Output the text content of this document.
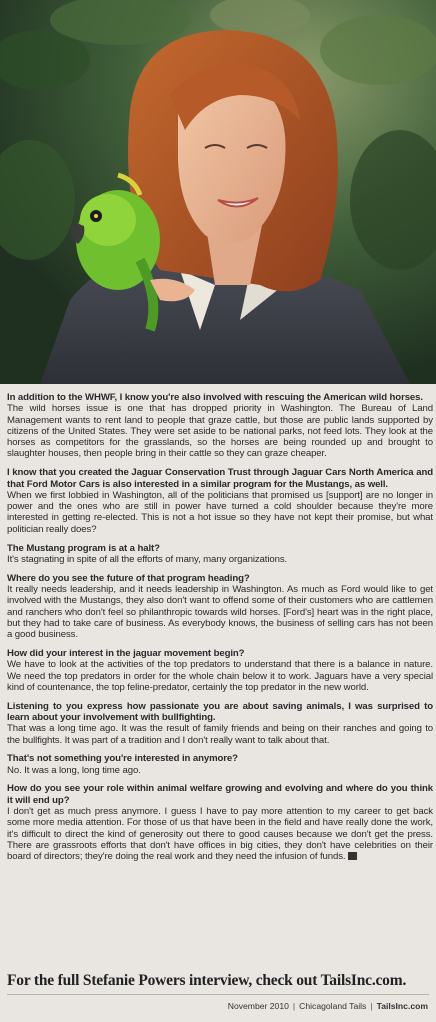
In addition to the WHWF, I know you're also involved with rescuing the American wild horses.

The wild horses issue is one that has dropped priority in Washington. The Bureau of Land Management wants to rent land to people that graze cattle, but those are public lands supported by citizens of the United States. They were set aside to be national parks, not feed lots. They look at the horses as competitors for the grasslands, so the horses are being rounded up and brought to slaughter houses, then people bring in their cattle so they can graze cheaper.

I know that you created the Jaguar Conservation Trust through Jaguar Cars North America and that Ford Motor Cars is also interested in a similar program for the Mustangs, as well.

When we first lobbied in Washington, all of the politicians that promised us [support] are no longer in power and the ones who are still in power have turned a cold shoulder because they're more interested in getting re-elected. This is not a hot issue so they have not kept their promise, but what politician really does?

The Mustang program is at a halt?

It's stagnating in spite of all the efforts of many, many organizations.

Where do you see the future of that program heading?

It really needs leadership, and it needs leadership in Washington. As much as Ford would like to get involved with the Mustangs, they also don't want to offend some of their customers who are cattlemen and ranchers who don't feel so philanthropic towards wild horses. [Ford's] heart was in the right place, but they had to take care of business. As everybody knows, the business of selling cars has not been a good business.

How did your interest in the jaguar movement begin?

We have to look at the activities of the top predators to understand that there is a balance in nature. We need the top predators in order for the whole chain below it to work. Jaguars have a very special kind of countenance, the top feline-predator, certainly the top predator in the new world.

Listening to you express how passionate you are about saving animals, I was surprised to learn about your involvement with bullfighting.

That was a long time ago. It was the result of family friends and being on their ranches and going to the bullfights. It was part of a tradition and I don't really want to talk about that.

That's not something you're interested in anymore?

No. It was a long, long time ago.

How do you see your role within animal welfare growing and evolving and where do you think it will end up?

I don't get as much press anymore. I guess I have to pay more attention to my career to get back some more media attention. For those of us that have been in the field and have really done the work, it's difficult to direct the kind of generosity out there to good causes because we don't get the press. There are grassroots efforts that don't have offices in big cities, they don't have celebrities on their board of directors; they're doing the real work and they need the infusion of funds.

For the full Stefanie Powers interview, check out TailsInc.com.
November 2010 | Chicagoland Tails | TailsInc.com
